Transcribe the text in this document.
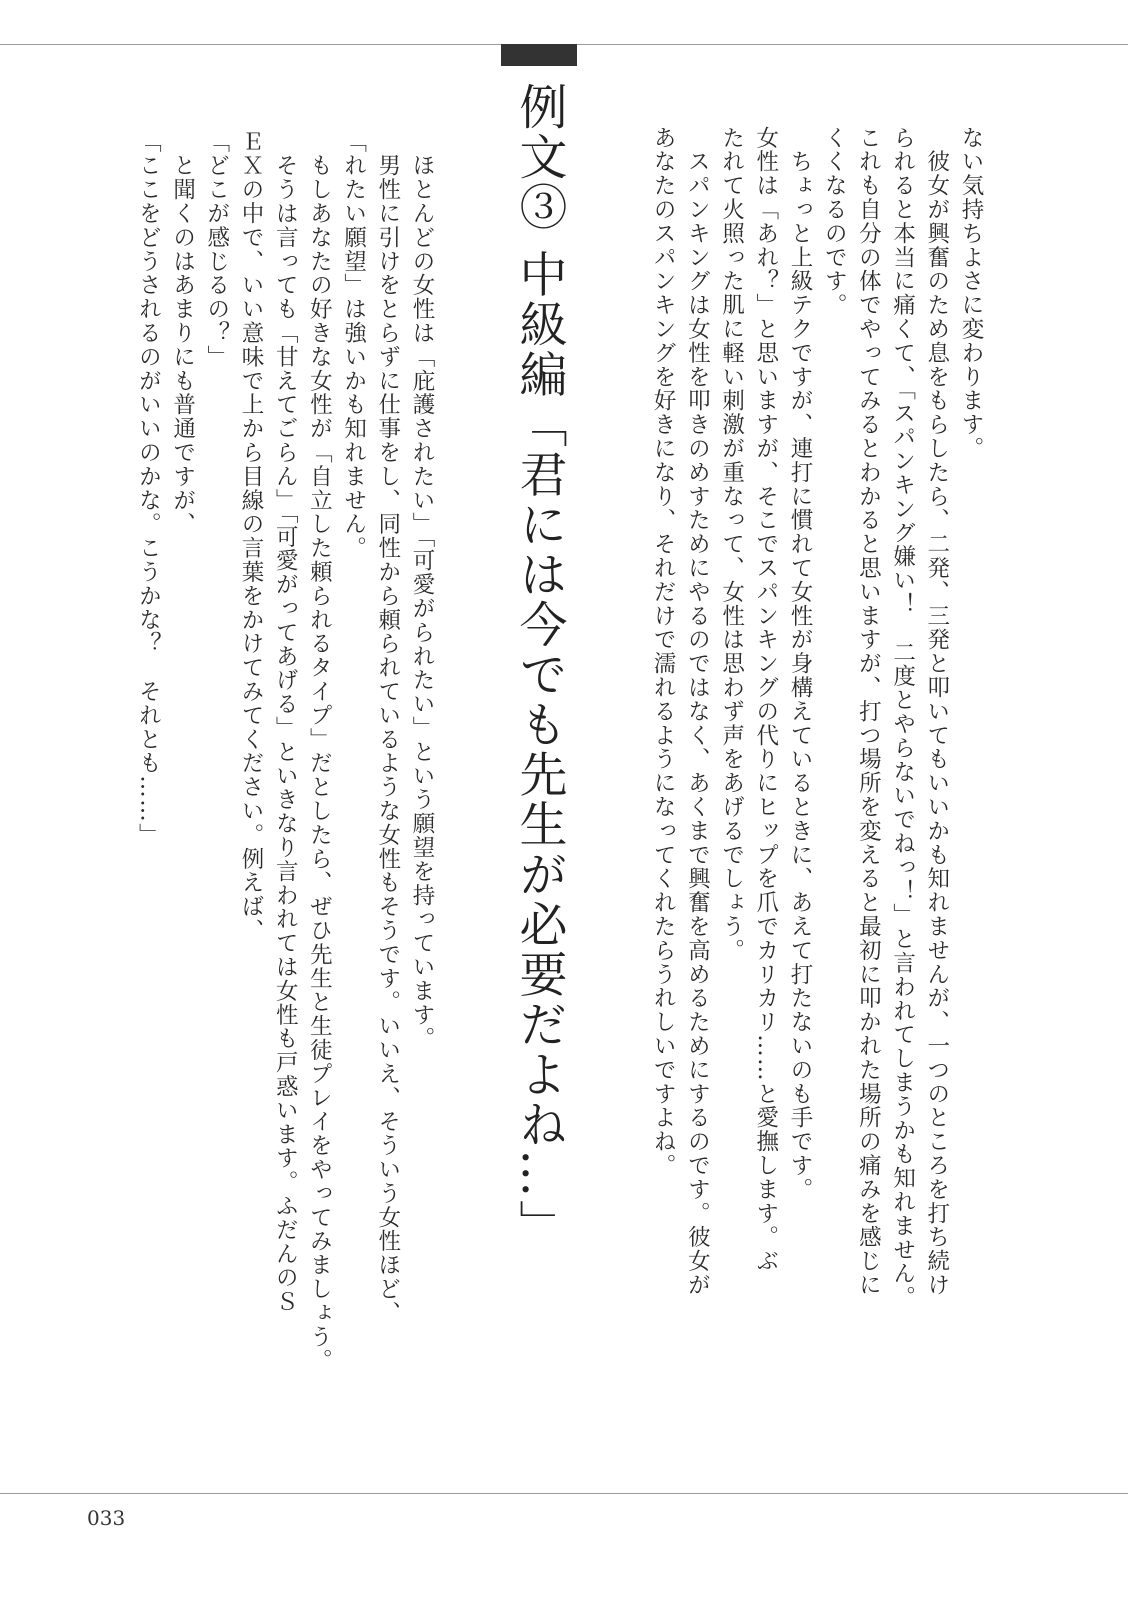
例文③ 中級編「君には今でも先生が必要だよね…」	ない気持ちよさに変わります。

　彼女が興奮のため息をもらしたら、二発、三発と叩いてもいいかも知れませんが、一つのところを打ち続け

られると本当に痛くて、「スパンキング嫌い！　二度とやらないでねっ！」と言われてしまうかも知れません。

これも自分の体でやってみるとわかると思いますが、打つ場所を変えると最初に叩かれた場所の痛みを感じに

くくなるのです。

　ちょっと上級テクですが、連打に慣れて女性が身構えているときに、あえて打たないのも手です。

女性は「あれ？」と思いますが、そこでスパンキングの代りにヒップを爪でカリカリ……と愛撫します。ぶ

たれて火照った肌に軽い刺激が重なって、女性は思わず声をあげるでしょう。

　スパンキングは女性を叩きのめすためにやるのではなく、あくまで興奮を高めるためにするのです。彼女が

あなたのスパンキングを好きになり、それだけで濡れるようになってくれたらうれしいですよね。

　ほとんどの女性は「庇護されたい」「可愛がられたい」という願望を持っています。

　男性に引けをとらずに仕事をし、同性から頼られているような女性もそうです。いいえ、そういう女性ほど、

「れたい願望」は強いかも知れません。

　もしあなたの好きな女性が「自立した頼られるタイプ」だとしたら、ぜひ先生と生徒プレイをやってみましょう。

　そうは言っても「甘えてごらん」「可愛がってあげる」といきなり言われては女性も戸惑います。ふだんのＳ

ＥＸの中で、いい意味で上から目線の言葉をかけてみてください。例えば、

「どこが感じるの？」

　と聞くのはあまりにも普通ですが、

「ここをどうされるのがいいのかな。こうかな？　それとも……」

033
